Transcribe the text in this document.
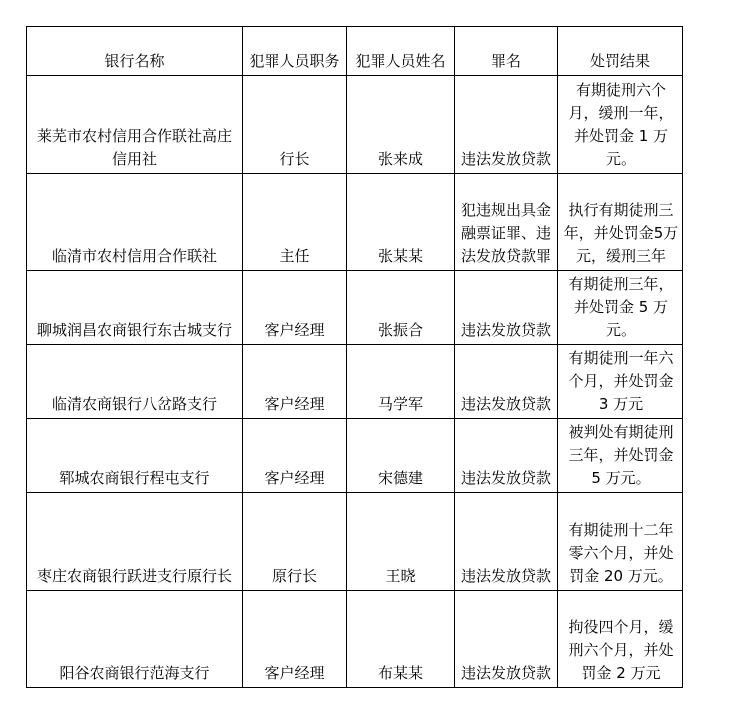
银行名称	犯罪人员职务	犯罪人员姓名	罪名	处罚结果
莱芜市农村信用合作联社高庄信用社	行长	张来成	违法发放贷款	有期徒刑六个月，缓刑一年，并处罚金 1 万元。
临清市农村信用合作联社	主任	张某某	犯违规出具金融票证罪、违法发放贷款罪	执行有期徒刑三年，并处罚金5万元，缓刑三年
聊城润昌农商银行东古城支行	客户经理	张振合	违法发放贷款	有期徒刑三年，并处罚金 5 万元。
临清农商银行八岔路支行	客户经理	马学军	违法发放贷款	有期徒刑一年六个月，并处罚金 3 万元
郓城农商银行程屯支行	客户经理	宋德建	违法发放贷款	被判处有期徒刑三年，并处罚金 5 万元。
枣庄农商银行跃进支行原行长	原行长	王晓	违法发放贷款	有期徒刑十二年零六个月，并处罚金 20 万元。
阳谷农商银行范海支行	客户经理	布某某	违法发放贷款	拘役四个月，缓刑六个月，并处罚金 2 万元
